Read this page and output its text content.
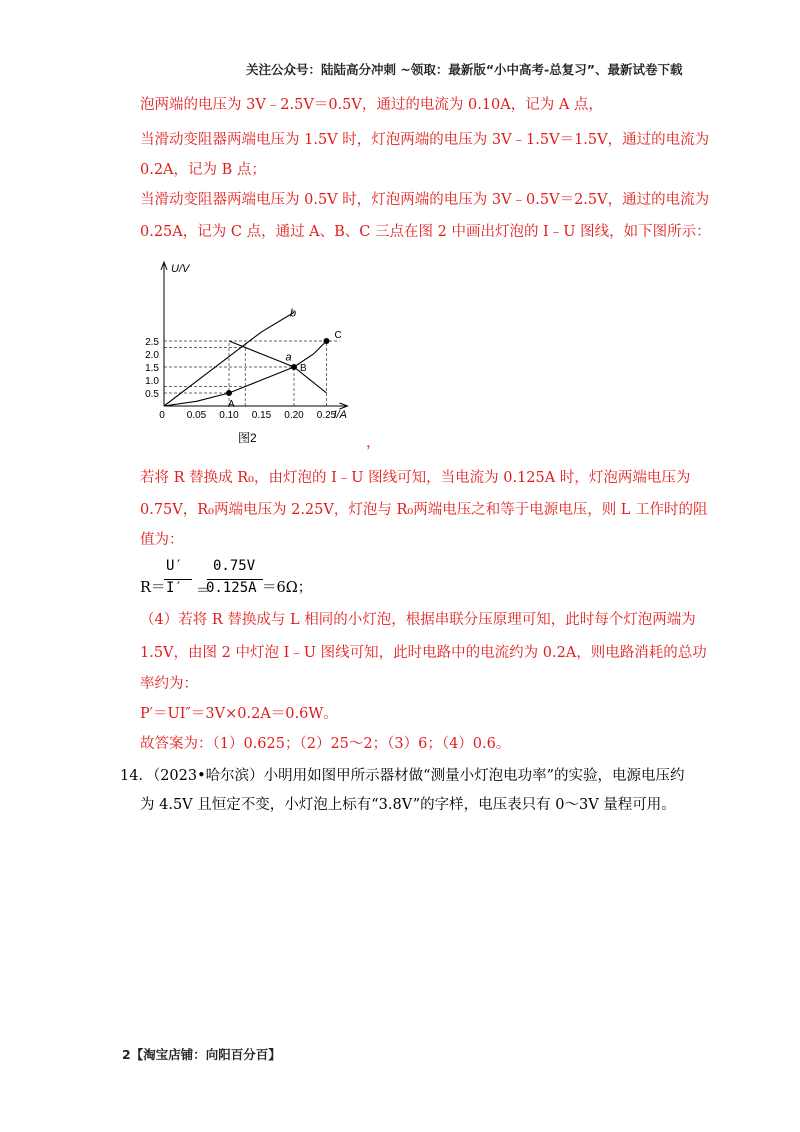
关注公众号：陆陆高分冲刺 ~领取：最新版“小中高考-总复习”、最新试卷下载
泡两端的电压为 3V﹣2.5V＝0.5V，通过的电流为 0.10A，记为 A 点，
当滑动变阻器两端电压为 1.5V 时，灯泡两端的电压为 3V﹣1.5V＝1.5V，通过的电流为
0.2A，记为 B 点；
当滑动变阻器两端电压为 0.5V 时，灯泡两端的电压为 3V﹣0.5V＝2.5V，通过的电流为
0.25A，记为 C 点，通过 A、B、C 三点在图 2 中画出灯泡的 I﹣U 图线，如下图所示：
U/V
I/A
0 0.05 0.10 0.15 0.20 0.25
0.5
1.0
1.5
2.0
2.5
图2
b
a
A
B
C
，
若将 R 替换成 R₀，由灯泡的 I﹣U 图线可知，当电流为 0.125A 时，灯泡两端电压为
0.75V，R₀两端电压为 2.25V，灯泡与 R₀两端电压之和等于电源电压，则 L 工作时的阻
值为：
R＝
U′
I′ ＝
0.75V
0.125A ＝6Ω；
（4）若将 R 替换成与 L 相同的小灯泡，根据串联分压原理可知，此时每个灯泡两端为
1.5V，由图 2 中灯泡 I﹣U 图线可知，此时电路中的电流约为 0.2A，则电路消耗的总功
率约为：
P′＝UI″＝3V×0.2A＝0.6W。
故答案为：（1）0.625；（2）25～2；（3）6；（4）0.6。
14．（2023•哈尔滨）小明用如图甲所示器材做“测量小灯泡电功率”的实验，电源电压约
为 4.5V 且恒定不变，小灯泡上标有“3.8V”的字样，电压表只有 0～3V 量程可用。
2【淘宝店铺：向阳百分百】
